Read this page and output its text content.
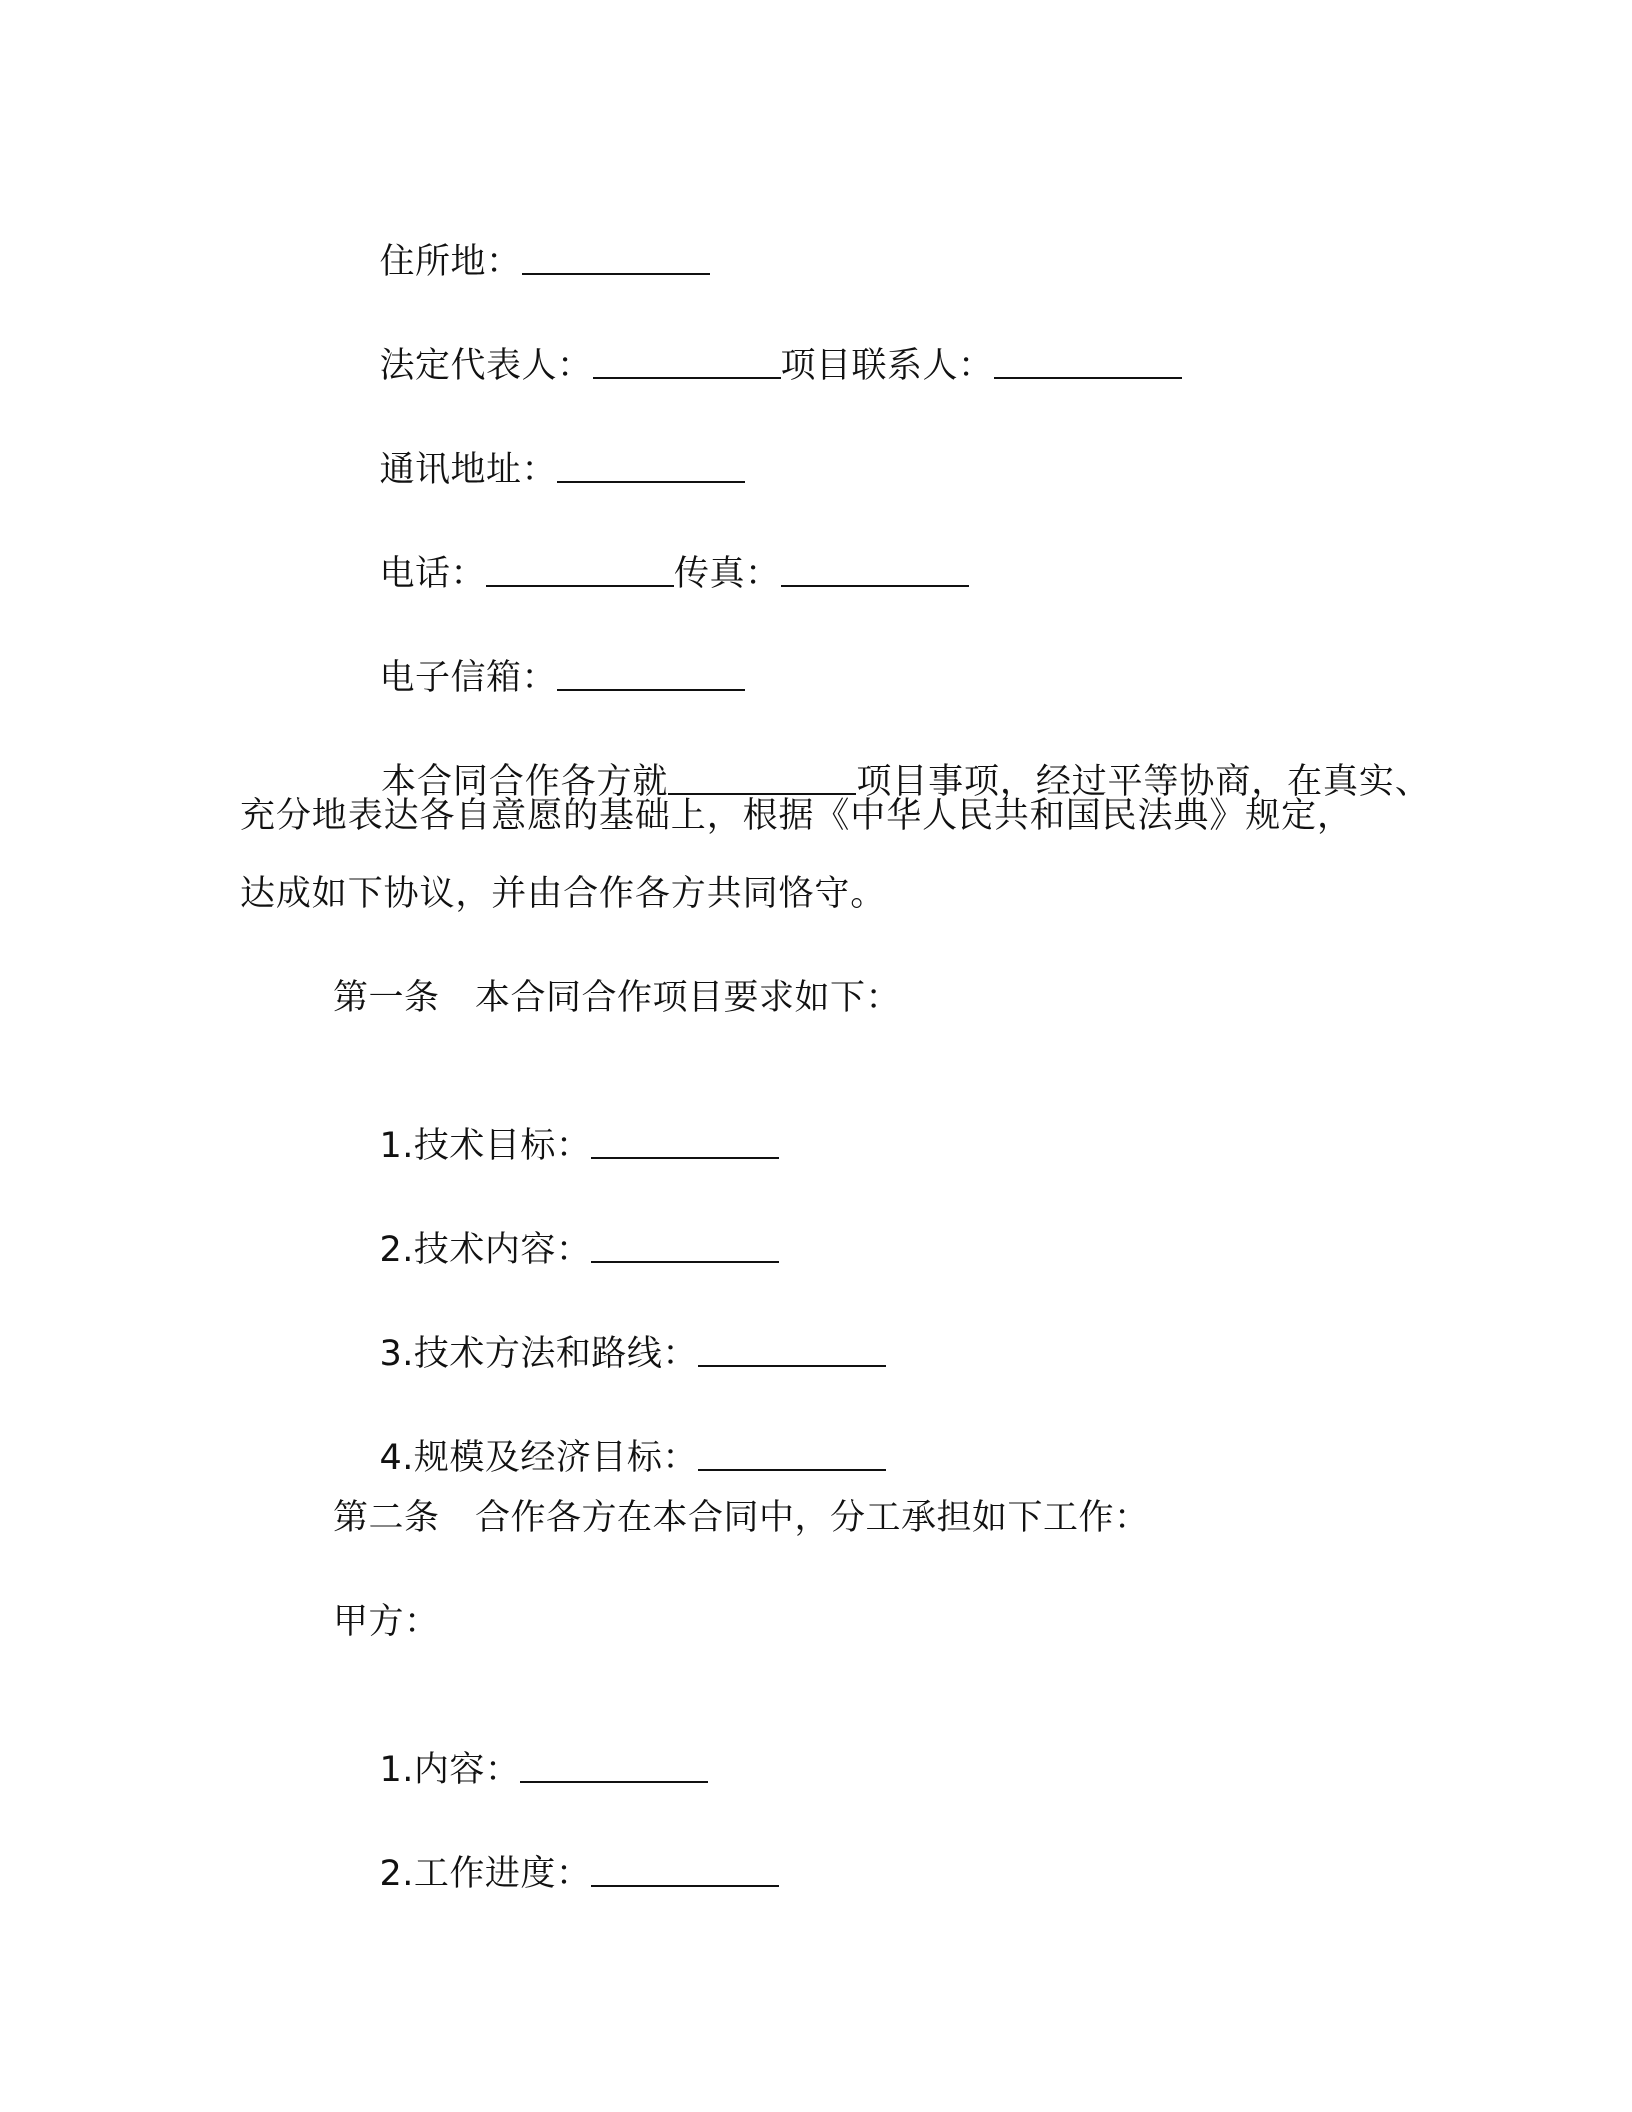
住所地：

法定代表人：	项目联系人：

通讯地址：

电话：	传真：

电子信箱：

本合同合作各方就	项目事项，经过平等协商，在真实、

充分地表达各自意愿的基础上，根据《中华人民共和国民法典》规定，
达成如下协议，并由合作各方共同恪守。
第一条　本合同合作项目要求如下：

1.技术目标：

2.技术内容：

3.技术方法和路线：

4.规模及经济目标：

第二条　合作各方在本合同中，分工承担如下工作：
甲方：

1.内容：

2.工作进度：
